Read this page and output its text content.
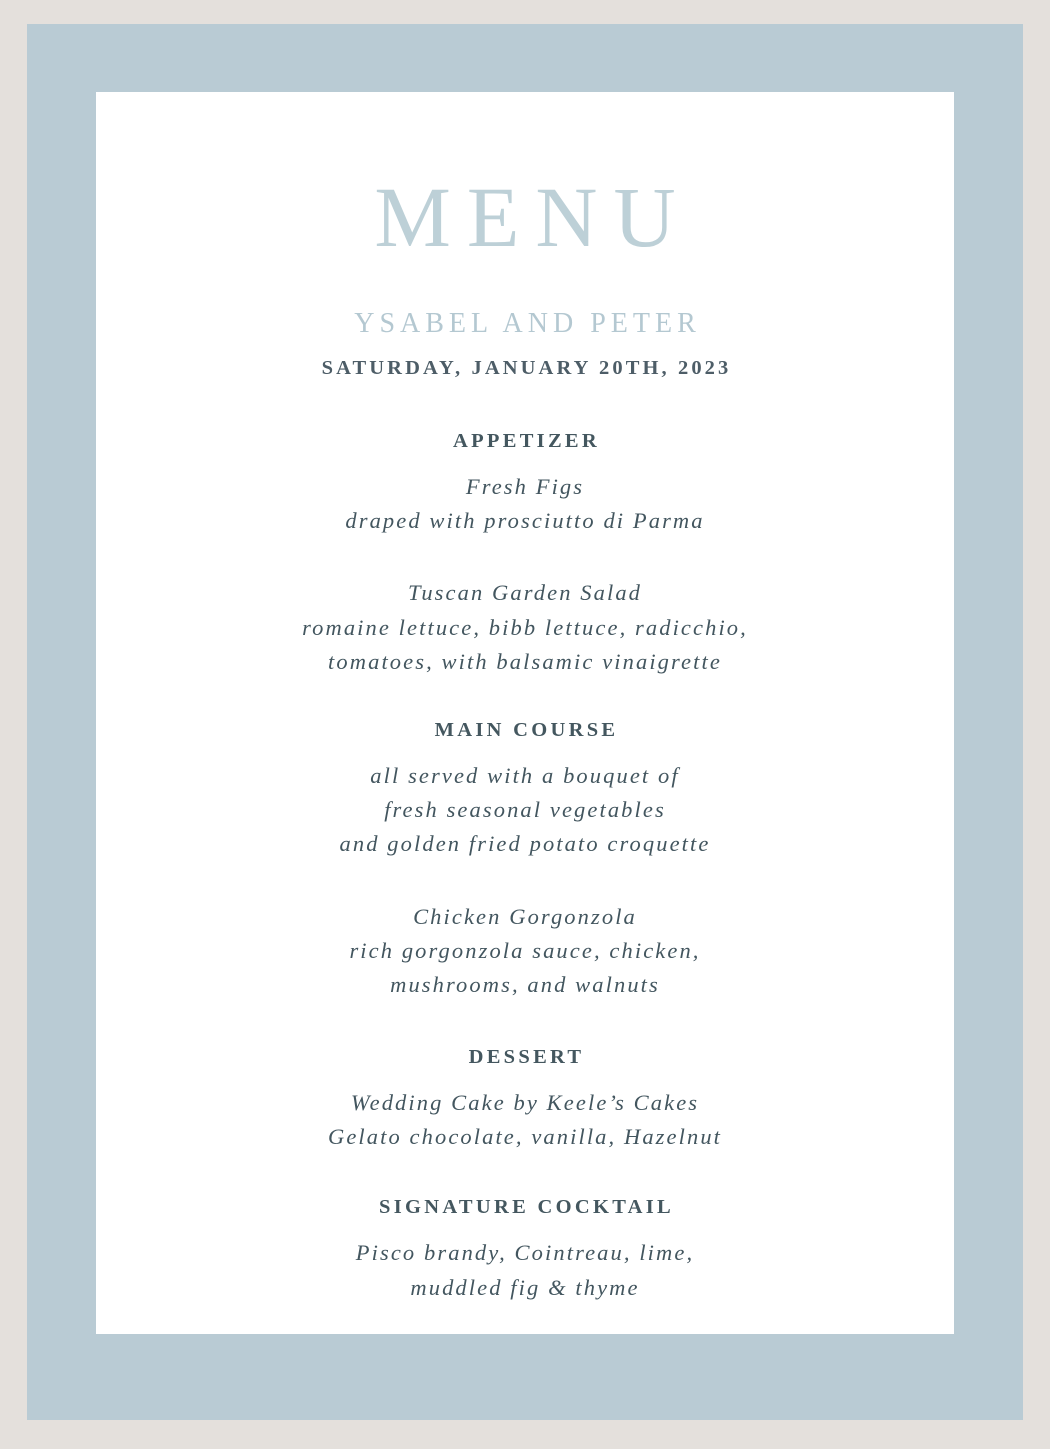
MENU
YSABEL AND PETER
SATURDAY, JANUARY 20TH, 2023
APPETIZER
Fresh Figs
draped with prosciutto di Parma
Tuscan Garden Salad
romaine lettuce, bibb lettuce, radicchio,
tomatoes, with balsamic vinaigrette
MAIN COURSE
all served with a bouquet of
fresh seasonal vegetables
and golden fried potato croquette
Chicken Gorgonzola
rich gorgonzola sauce, chicken,
mushrooms, and walnuts
DESSERT
Wedding Cake by Keele’s Cakes
Gelato chocolate, vanilla, Hazelnut
SIGNATURE COCKTAIL
Pisco brandy, Cointreau, lime,
muddled fig & thyme
